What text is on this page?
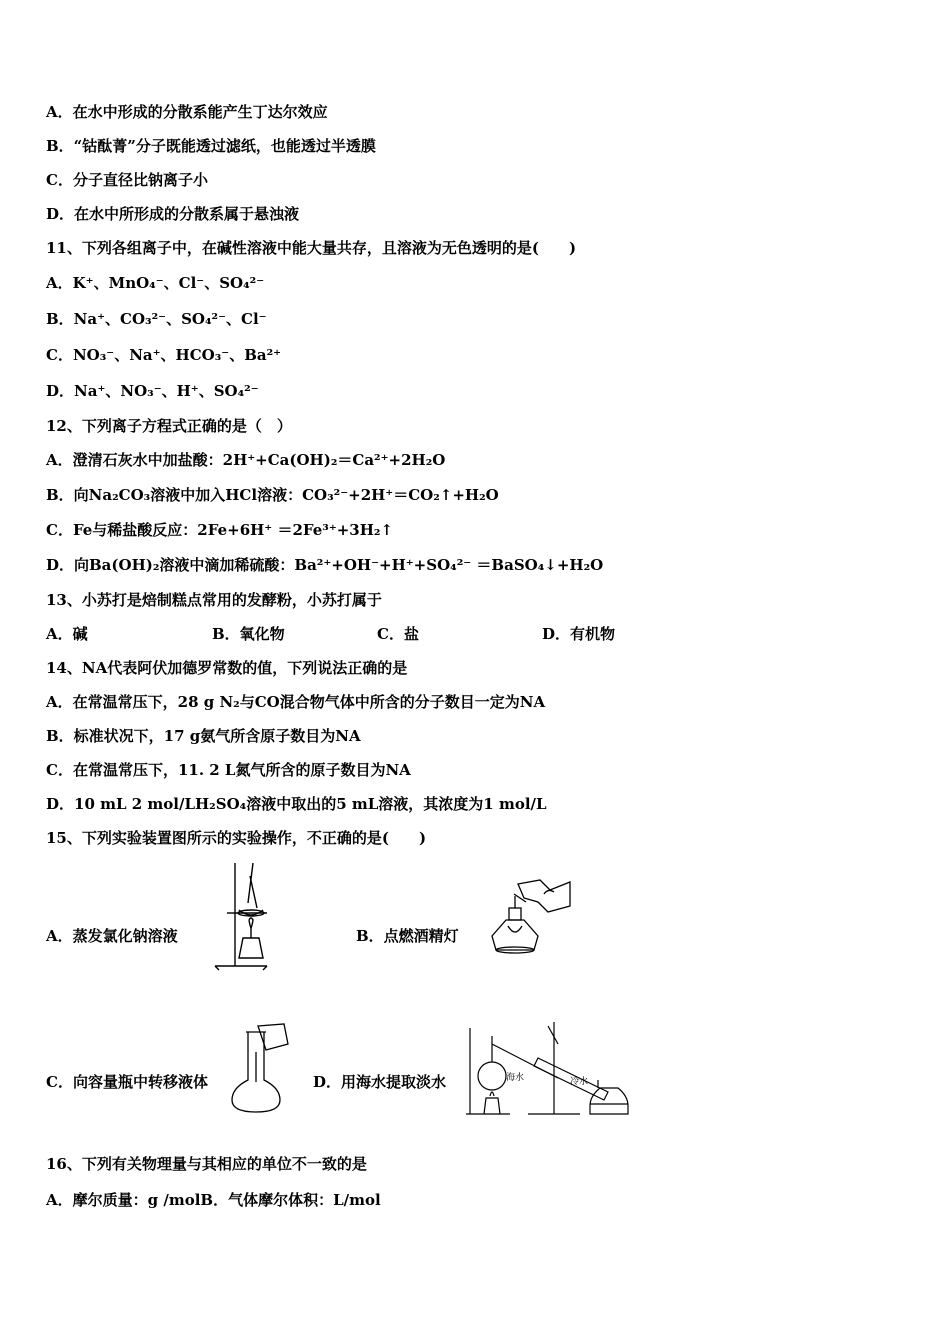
A．在水中形成的分散系能产生丁达尔效应
B．“钴酞菁”分子既能透过滤纸，也能透过半透膜
C．分子直径比钠离子小
D．在水中所形成的分散系属于悬浊液
11、下列各组离子中，在碱性溶液中能大量共存，且溶液为无色透明的是(　　)
A．K⁺、MnO₄⁻、Cl⁻、SO₄²⁻
B．Na⁺、CO₃²⁻、SO₄²⁻、Cl⁻
C．NO₃⁻、Na⁺、HCO₃⁻、Ba²⁺
D．Na⁺、NO₃⁻、H⁺、SO₄²⁻
12、下列离子方程式正确的是（　）
A．澄清石灰水中加盐酸：2H⁺+Ca(OH)₂＝Ca²⁺+2H₂O
B．向Na₂CO₃溶液中加入HCl溶液：CO₃²⁻+2H⁺＝CO₂↑+H₂O
C．Fe与稀盐酸反应：2Fe+6H⁺ ＝2Fe³⁺+3H₂↑
D．向Ba(OH)₂溶液中滴加稀硫酸：Ba²⁺+OH⁻+H⁺+SO₄²⁻ ＝BaSO₄↓+H₂O
13、小苏打是焙制糕点常用的发酵粉，小苏打属于
A．碱	B．氧化物	C．盐	D．有机物
14、NA代表阿伏加德罗常数的值，下列说法正确的是
A．在常温常压下，28 g N₂与CO混合物气体中所含的分子数目一定为NA
B．标准状况下，17 g氨气所含原子数目为NA
C．在常温常压下，11. 2 L氮气所含的原子数目为NA
D．10 mL 2 mol/LH₂SO₄溶液中取出的5 mL溶液，其浓度为1 mol/L
15、下列实验装置图所示的实验操作，不正确的是(　　)
A．蒸发氯化钠溶液	B．点燃酒精灯
C．向容量瓶中转移液体	D．用海水提取淡水	海水	冷水
16、下列有关物理量与其相应的单位不一致的是
A．摩尔质量：g /molB．气体摩尔体积：L/mol
